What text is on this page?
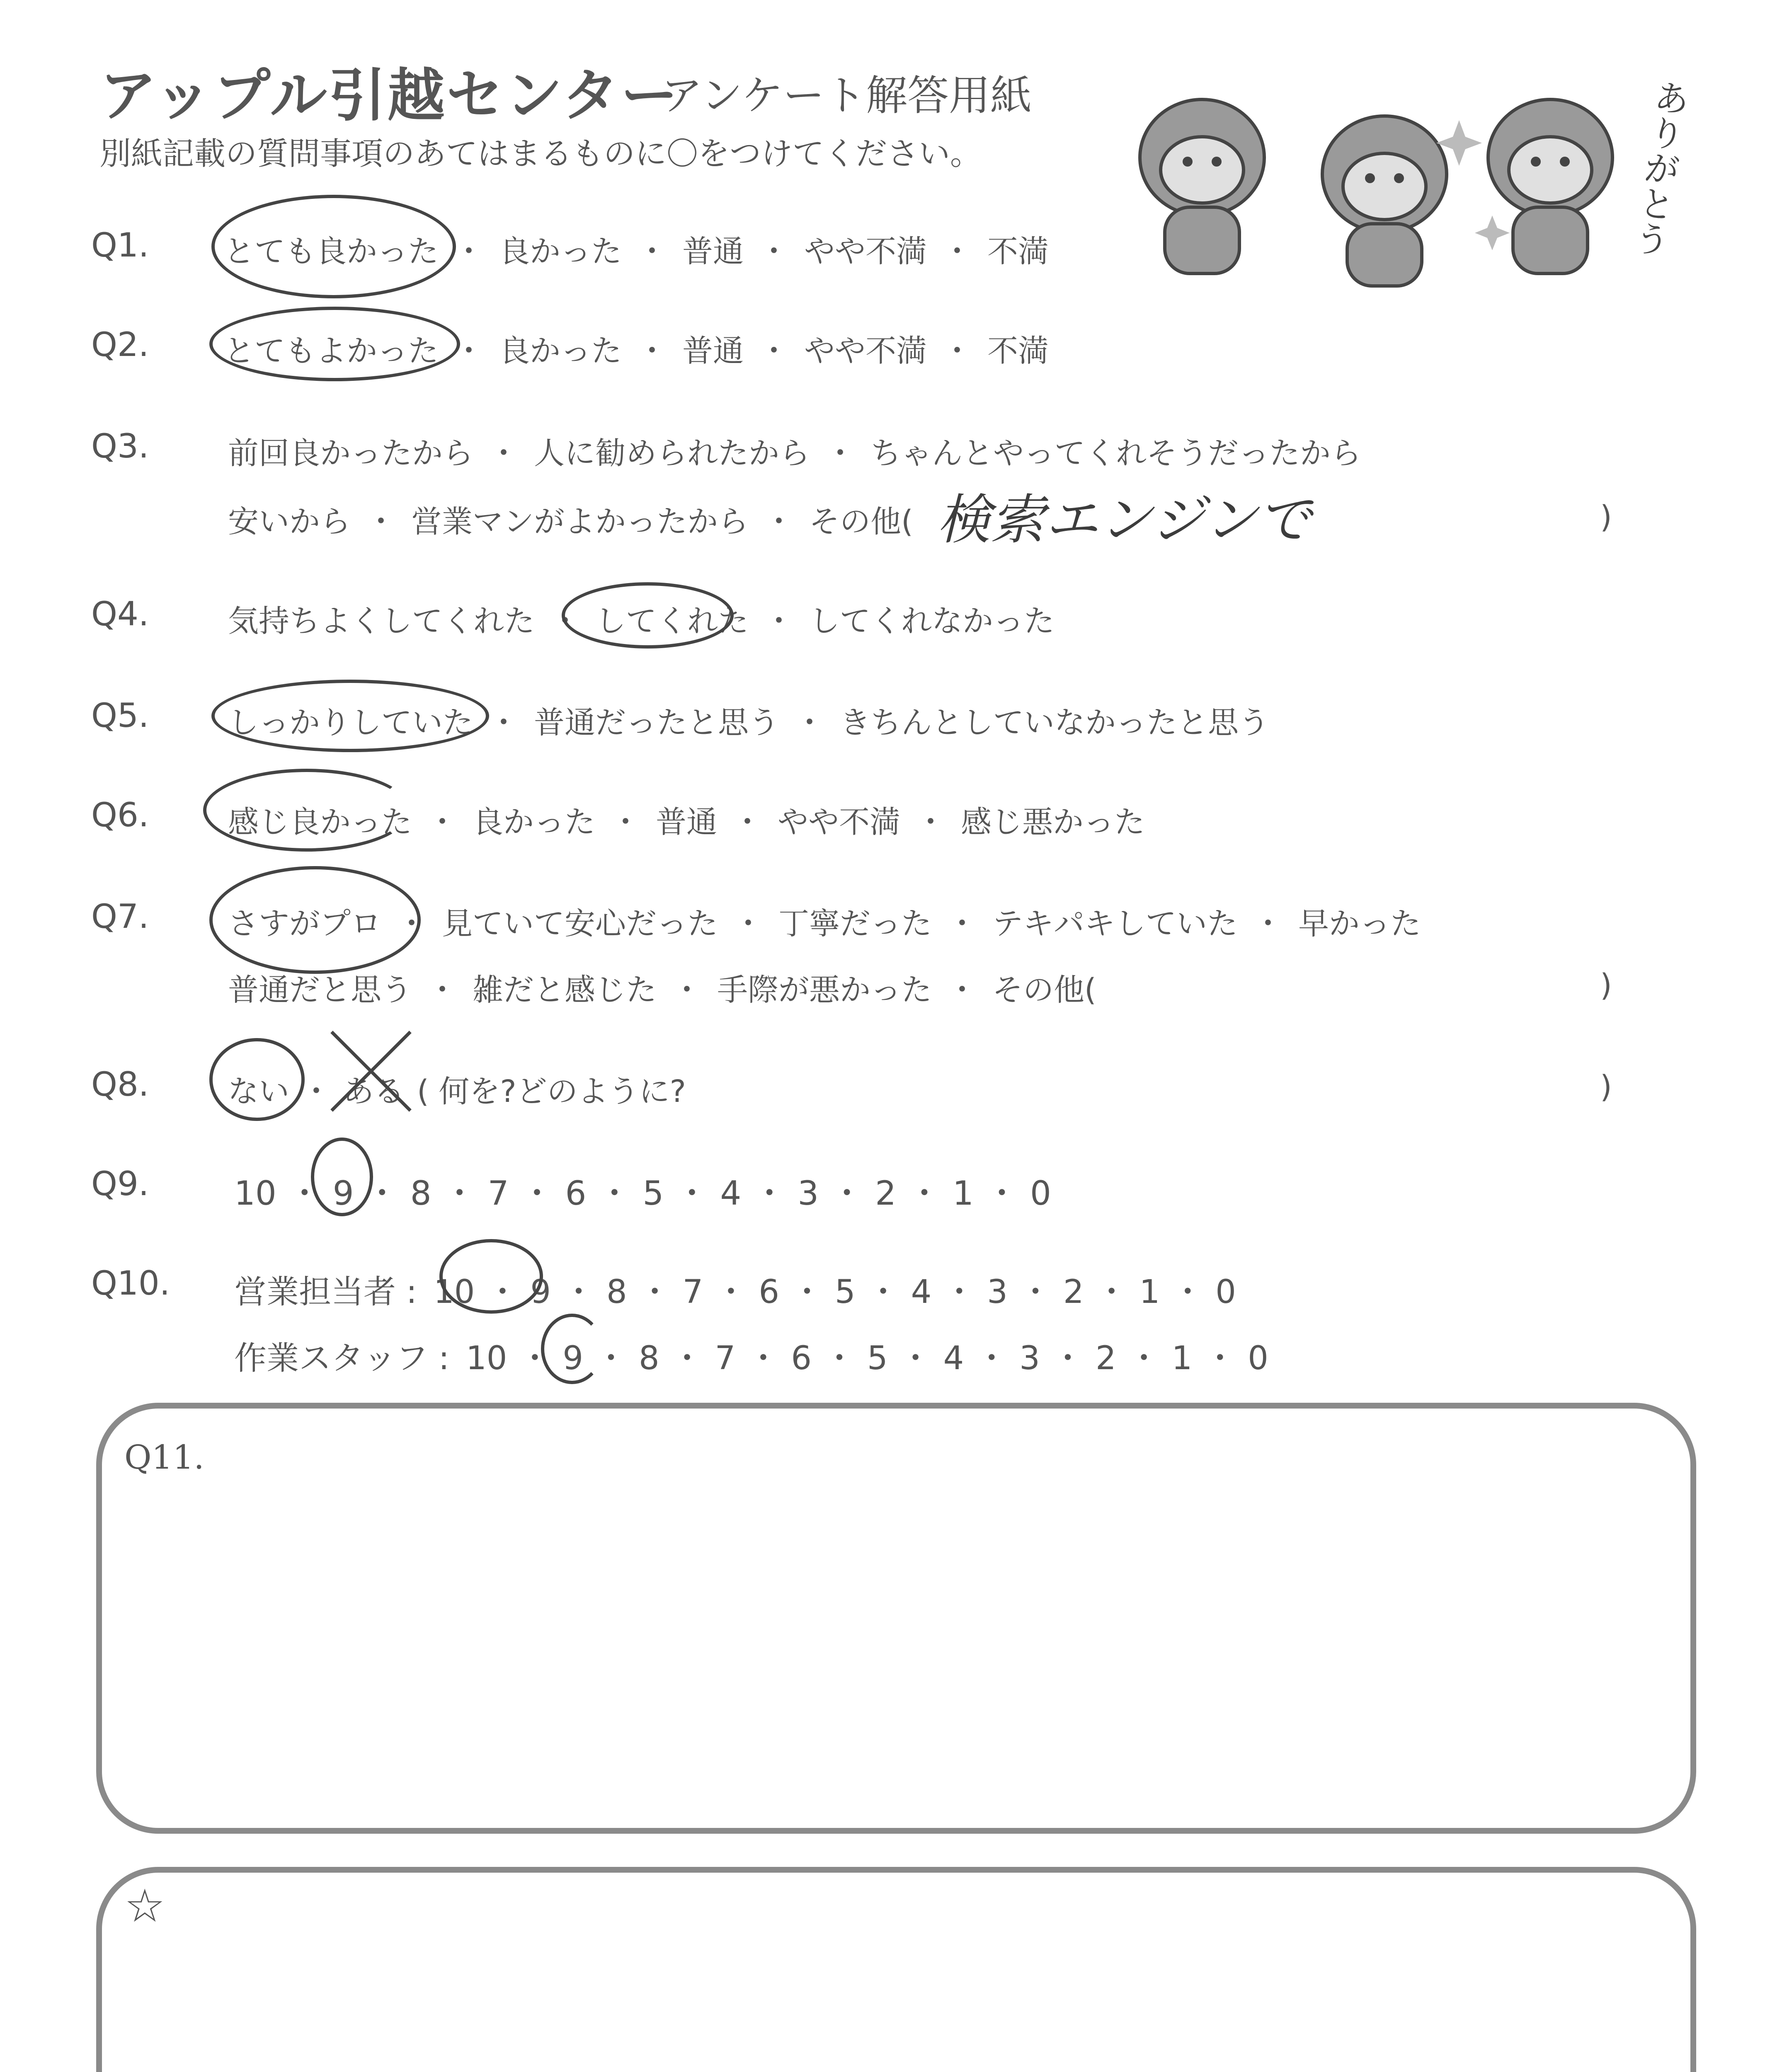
アップル引越センター
アンケート解答用紙
別紙記載の質問事項のあてはまるものに〇をつけてください。	ありがとう
Q1. とても良かった ・ 良かった ・ 普通 ・ やや不満 ・ 不満
Q2. とてもよかった ・ 良かった ・ 普通 ・ やや不満 ・ 不満
Q3.	前回良かったから ・ 人に勧められたから ・ ちゃんとやってくれそうだったから
安いから ・ 営業マンがよかったから ・ その他( 検索エンジンで	)
Q4.	気持ちよくしてくれた ・ してくれた ・ してくれなかった
Q5.	しっかりしていた ・ 普通だったと思う ・ きちんとしていなかったと思う
Q6.	感じ良かった ・ 良かった ・ 普通 ・ やや不満 ・ 感じ悪かった
Q7.	さすがプロ ・ 見ていて安心だった ・ 丁寧だった ・ テキパキしていた ・ 早かった
普通だと思う ・ 雑だと感じた ・ 手際が悪かった ・ その他(	)
Q8.	ない ・ ある ( 何を?どのように?	)
Q9.	10 ・ 9 ・ 8 ・ 7 ・ 6 ・ 5 ・ 4 ・ 3 ・ 2 ・ 1 ・ 0
Q10. 営業担当者 : 10 ・ 9 ・ 8 ・ 7 ・ 6 ・ 5 ・ 4 ・ 3 ・ 2 ・ 1 ・ 0
作業スタッフ : 10 ・ 9 ・ 8 ・ 7 ・ 6 ・ 5 ・ 4 ・ 3 ・ 2 ・ 1 ・ 0
Q11.
☆
